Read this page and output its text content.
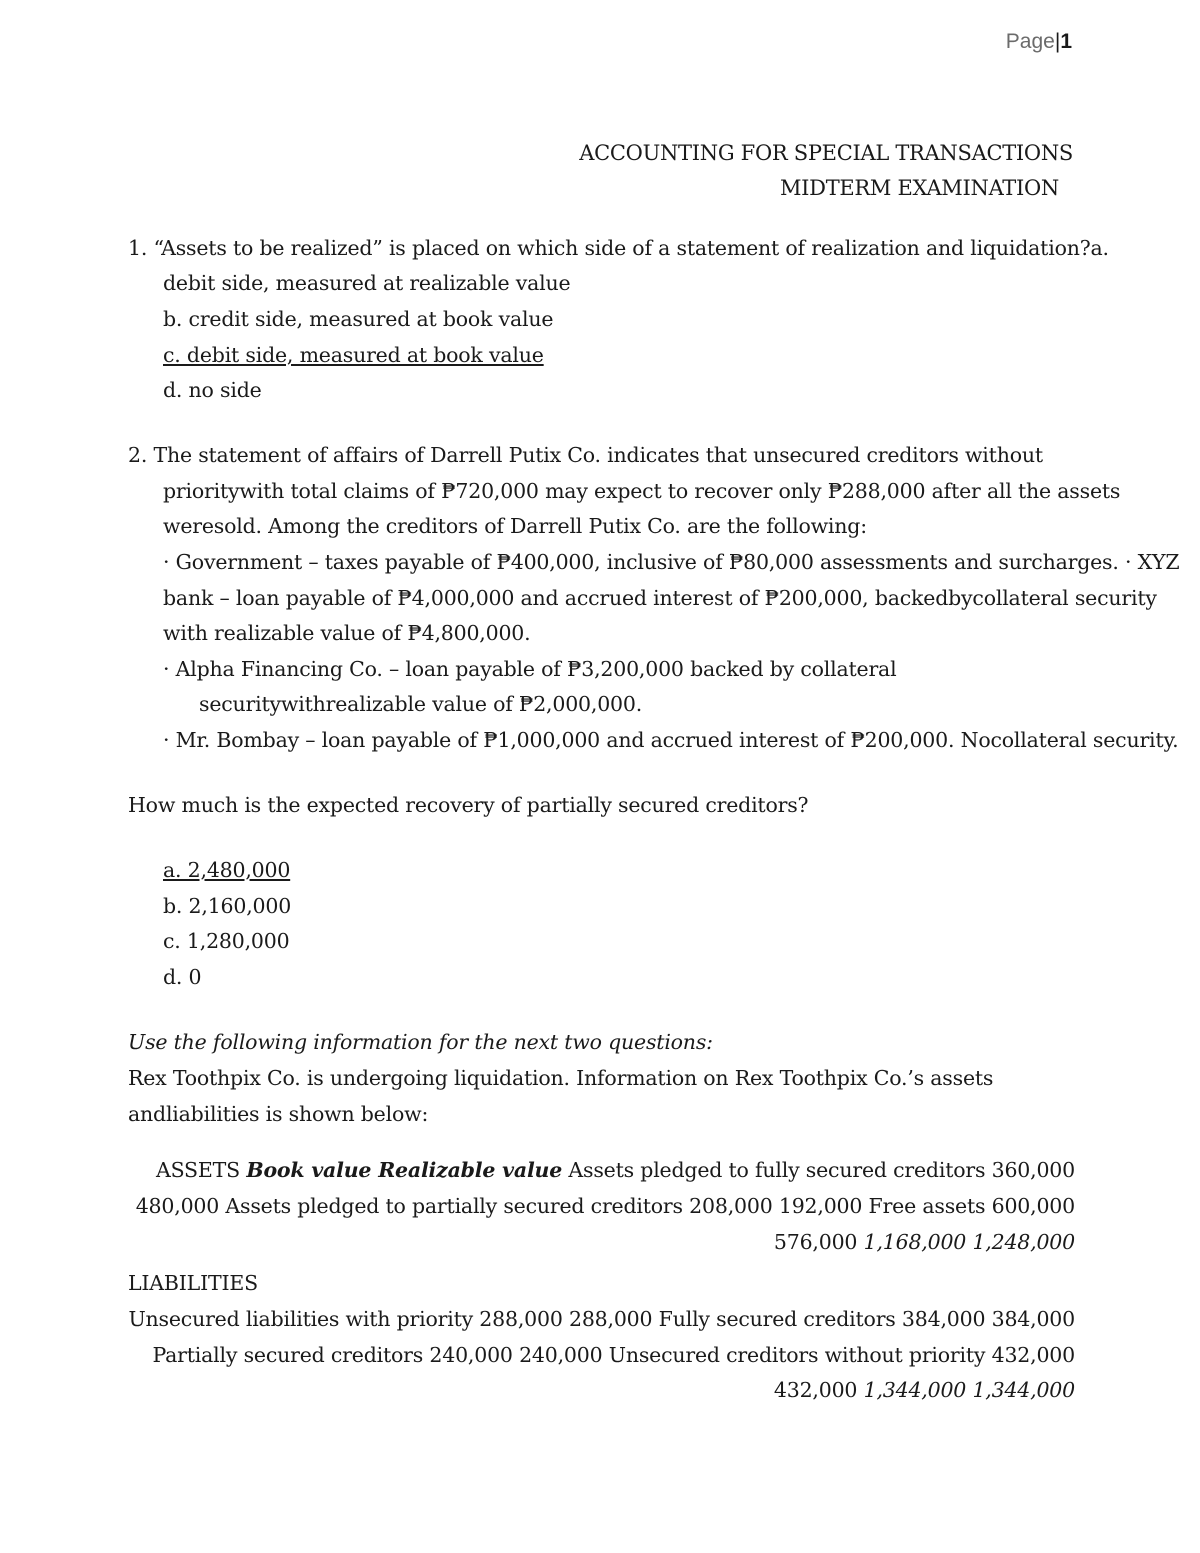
Page|1
ACCOUNTING FOR SPECIAL TRANSACTIONS
MIDTERM EXAMINATION
1. “Assets to be realized” is placed on which side of a statement of realization and liquidation?a.
debit side, measured at realizable value
b. credit side, measured at book value
c. debit side, measured at book value
d. no side
2. The statement of affairs of Darrell Putix Co. indicates that unsecured creditors without
prioritywith total claims of ₱720,000 may expect to recover only ₱288,000 after all the assets
weresold. Among the creditors of Darrell Putix Co. are the following:
· Government – taxes payable of ₱400,000, inclusive of ₱80,000 assessments and surcharges. · XYZ
bank – loan payable of ₱4,000,000 and accrued interest of ₱200,000, backedbycollateral security
with realizable value of ₱4,800,000.
· Alpha Financing Co. – loan payable of ₱3,200,000 backed by collateral
securitywithrealizable value of ₱2,000,000.
· Mr. Bombay – loan payable of ₱1,000,000 and accrued interest of ₱200,000. Nocollateral security.
How much is the expected recovery of partially secured creditors?
a. 2,480,000
b. 2,160,000
c. 1,280,000
d. 0
Use the following information for the next two questions:
Rex Toothpix Co. is undergoing liquidation. Information on Rex Toothpix Co.’s assets
andliabilities is shown below:
ASSETS Book value Realizable value Assets pledged to fully secured creditors 360,000
480,000 Assets pledged to partially secured creditors 208,000 192,000 Free assets 600,000
576,000 1,168,000 1,248,000
LIABILITIES
Unsecured liabilities with priority 288,000 288,000 Fully secured creditors 384,000 384,000
Partially secured creditors 240,000 240,000 Unsecured creditors without priority 432,000
432,000 1,344,000 1,344,000
